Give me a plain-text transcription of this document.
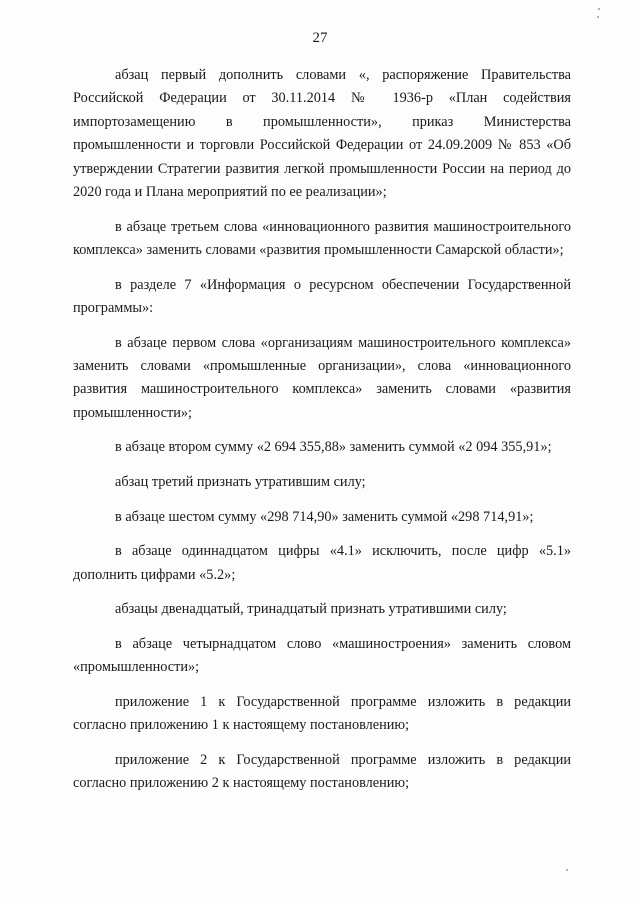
27

абзац первый дополнить словами «, распоряжение Правительства Российской Федерации от 30.11.2014 № 1936-р «План содействия импортозамещению в промышленности», приказ Министерства промышленности и торговли Российской Федерации от 24.09.2009 № 853 «Об утверждении Стратегии развития легкой промышленности России на период до 2020 года и Плана мероприятий по ее реализации»;

в абзаце третьем слова «инновационного развития машиностроительного комплекса» заменить словами «развития промышленности Самарской области»;

в разделе 7 «Информация о ресурсном обеспечении Государственной программы»:

в абзаце первом слова «организациям машиностроительного комплекса» заменить словами «промышленные организации», слова «инновационного развития машиностроительного комплекса» заменить словами «развития промышленности»;

в абзаце втором сумму «2 694 355,88» заменить суммой «2 094 355,91»;

абзац третий признать утратившим силу;

в абзаце шестом сумму «298 714,90» заменить суммой «298 714,91»;

в абзаце одиннадцатом цифры «4.1» исключить, после цифр «5.1» дополнить цифрами «5.2»;

абзацы двенадцатый, тринадцатый признать утратившими силу;

в абзаце четырнадцатом слово «машиностроения» заменить словом «промышленности»;

приложение 1 к Государственной программе изложить в редакции согласно приложению 1 к настоящему постановлению;

приложение 2 к Государственной программе изложить в редакции согласно приложению 2 к настоящему постановлению;
